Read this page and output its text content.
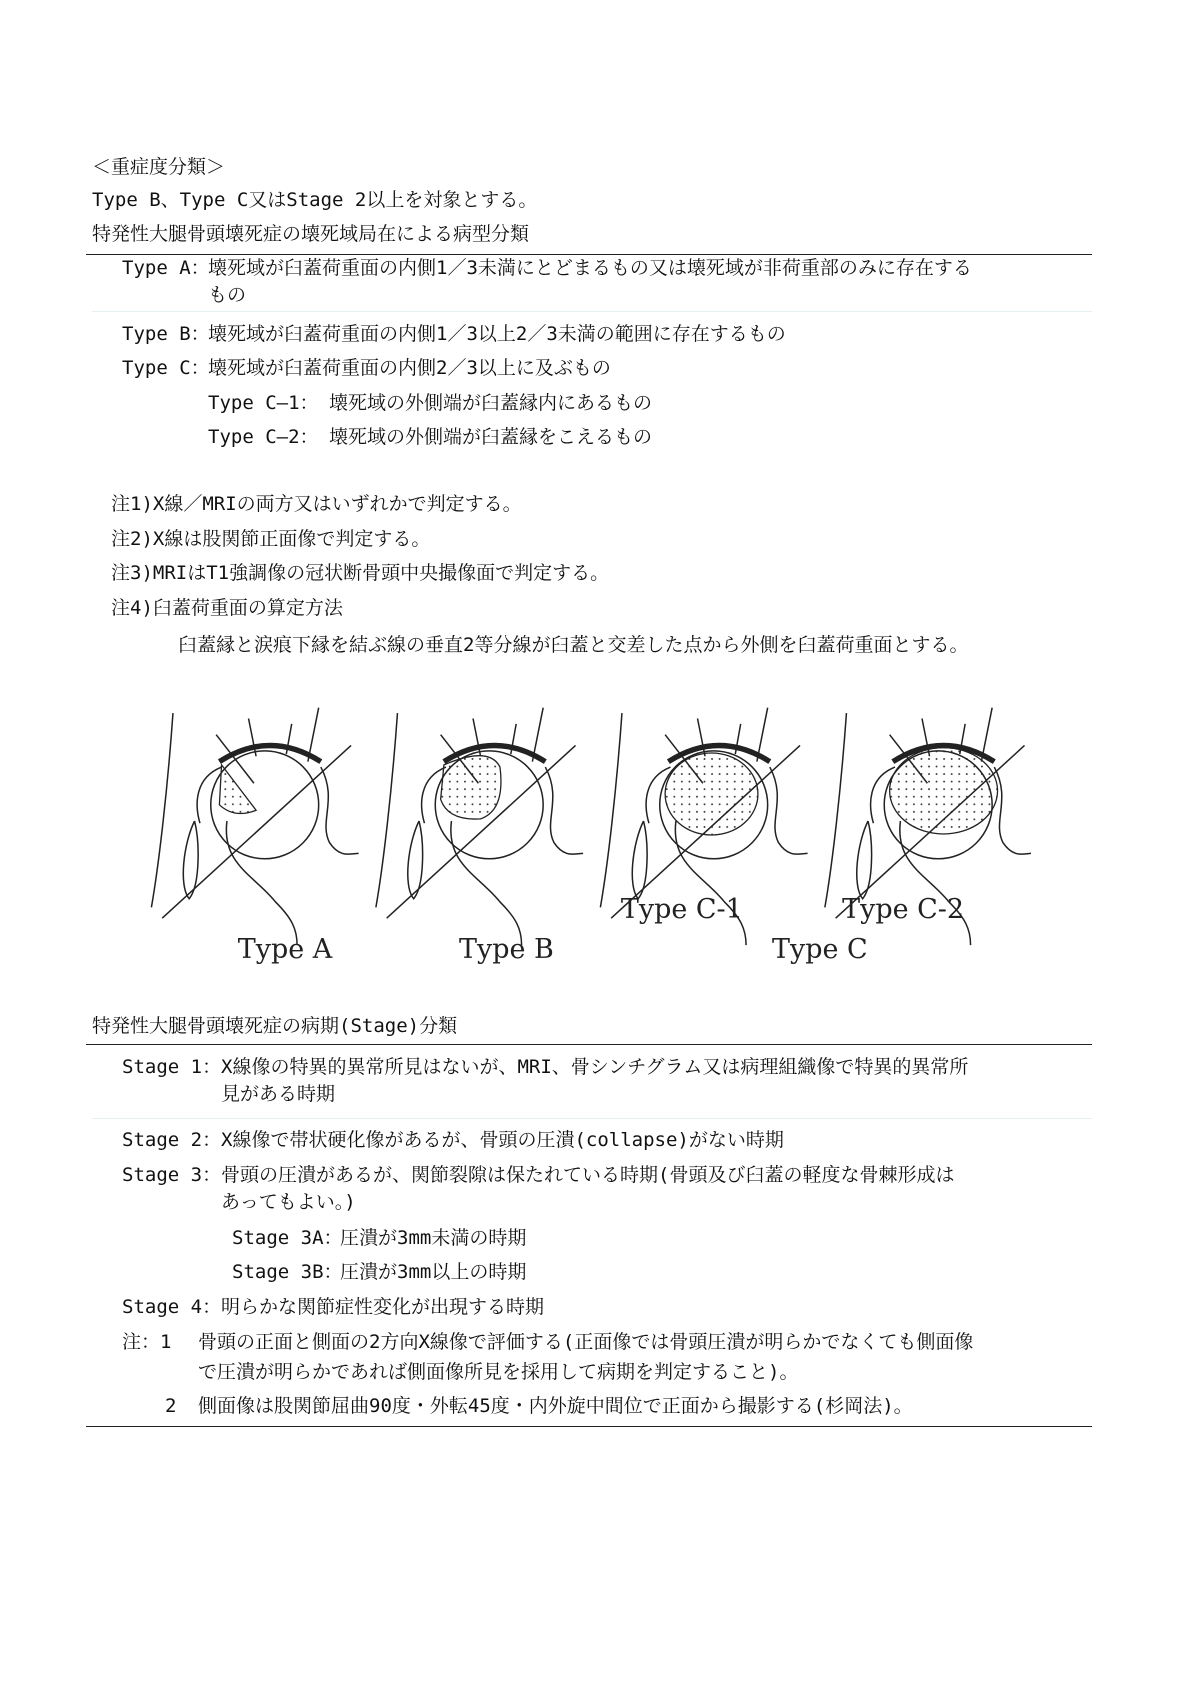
＜重症度分類＞
Type B、Type C又はStage 2以上を対象とする。
特発性大腿骨頭壊死症の壊死域局在による病型分類
Type A：
壊死域が臼蓋荷重面の内側1／3未満にとどまるもの又は壊死域が非荷重部のみに存在する
もの
Type B：
壊死域が臼蓋荷重面の内側1／3以上2／3未満の範囲に存在するもの
Type C：
壊死域が臼蓋荷重面の内側2／3以上に及ぶもの
Type C—1： 壊死域の外側端が臼蓋縁内にあるもの
Type C—2： 壊死域の外側端が臼蓋縁をこえるもの
注1)X線／MRIの両方又はいずれかで判定する。
注2)X線は股関節正面像で判定する。
注3)MRIはT1強調像の冠状断骨頭中央撮像面で判定する。
注4)臼蓋荷重面の算定方法
臼蓋縁と涙痕下縁を結ぶ線の垂直2等分線が臼蓋と交差した点から外側を臼蓋荷重面とする。
Type A	Type B	Type C
Type C-1	Type C-2
特発性大腿骨頭壊死症の病期(Stage)分類
Stage 1： X線像の特異的異常所見はないが、MRI、骨シンチグラム又は病理組織像で特異的異常所
見がある時期
Stage 2： X線像で帯状硬化像があるが、骨頭の圧潰(collapse)がない時期
Stage 3： 骨頭の圧潰があるが、関節裂隙は保たれている時期(骨頭及び臼蓋の軽度な骨棘形成は
あってもよい。)
Stage 3A：
圧潰が3mm未満の時期
Stage 3B：
圧潰が3mm以上の時期
Stage 4： 明らかな関節症性変化が出現する時期
注：1 骨頭の正面と側面の2方向X線像で評価する(正面像では骨頭圧潰が明らかでなくても側面像
で圧潰が明らかであれば側面像所見を採用して病期を判定すること)。
2 側面像は股関節屈曲90度・外転45度・内外旋中間位で正面から撮影する(杉岡法)。
